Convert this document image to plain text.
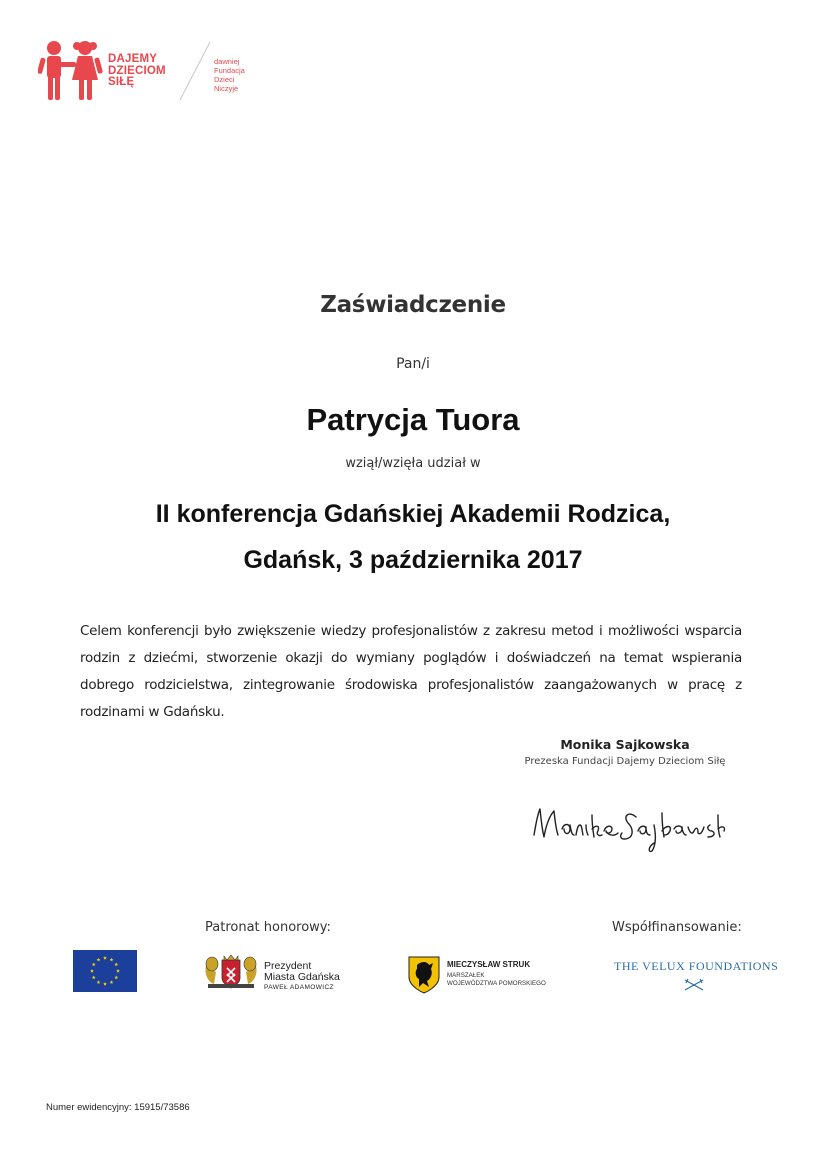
DAJEMY
DZIECIOM
SIŁĘ
dawniej
Fundacja
Dzieci
Niczyje
Zaświadczenie
Pan/i
Patrycja Tuora
wziął/wzięła udział w
II konferencja Gdańskiej Akademii Rodzica,
Gdańsk, 3 października 2017
Celem konferencji było zwiększenie wiedzy profesjonalistów z zakresu metod i możliwości wsparcia rodzin z dziećmi, stworzenie okazji do wymiany poglądów i doświadczeń na temat wspierania dobrego rodzicielstwa, zintegrowanie środowiska profesjonalistów zaangażowanych w pracę z rodzinami w Gdańsku.
Monika Sajkowska
Prezeska Fundacji Dajemy Dzieciom Siłę
Patronat honorowy:	Współfinansowanie:
Prezydent
Miasta Gdańska
PAWEŁ ADAMOWICZ
MIECZYSŁAW STRUK
MARSZAŁEK
WOJEWÓDZTWA POMORSKIEGO
THE VELUX FOUNDATIONS
Numer ewidencyjny: 15915/73586
